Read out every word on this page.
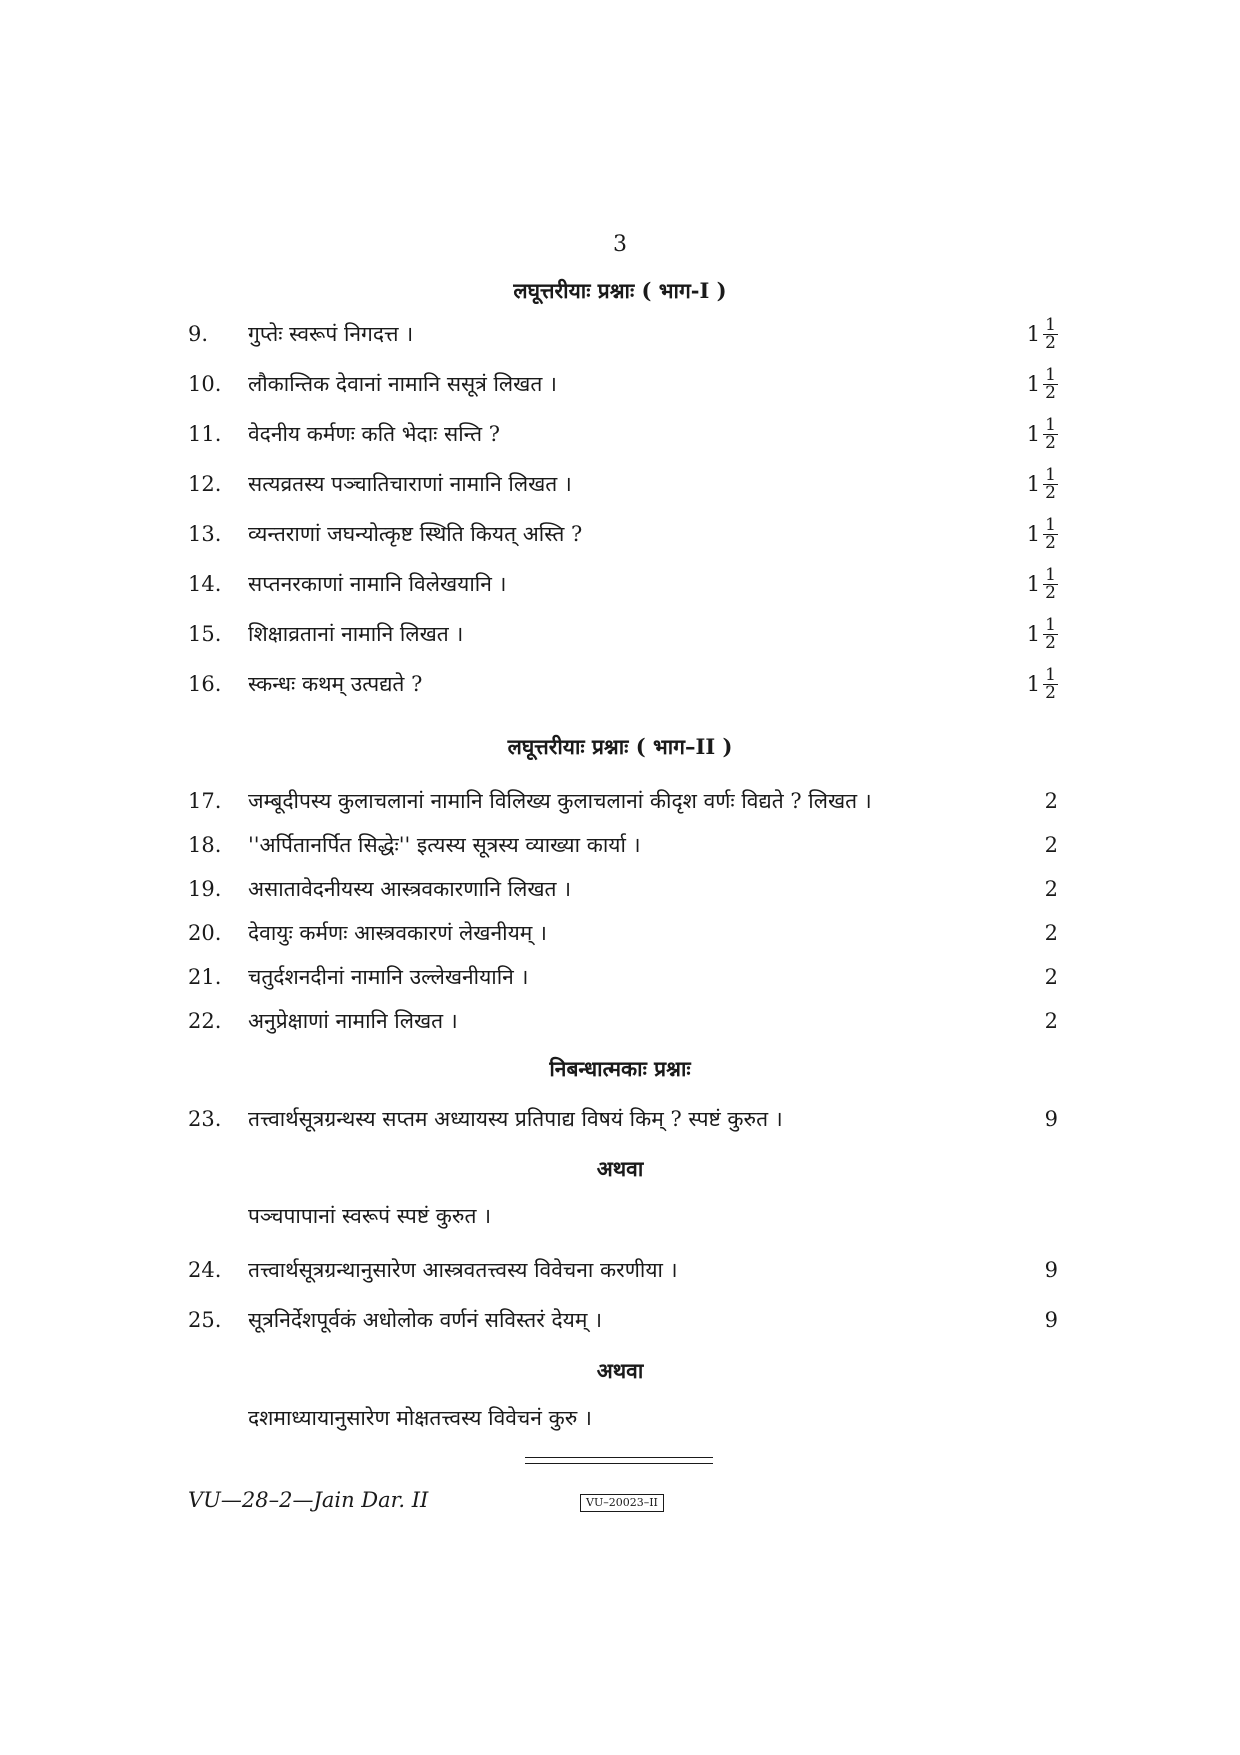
3
लघूत्तरीयाः प्रश्नाः ( भाग-I )
9.	गुप्तेः स्वरूपं निगदत्त ।	$1 \frac{1}{2}$
10.	लौकान्तिक देवानां नामानि ससूत्रं लिखत ।	$1 \frac{1}{2}$
11.	वेदनीय कर्मणः कति भेदाः सन्ति ?	$1 \frac{1}{2}$
12.	सत्यव्रतस्य पञ्चातिचाराणां नामानि लिखत ।	$1 \frac{1}{2}$
13.	व्यन्तराणां जघन्योत्कृष्ट स्थिति कियत् अस्ति ?	$1 \frac{1}{2}$
14.	सप्तनरकाणां नामानि विलेखयानि ।	$1 \frac{1}{2}$
15.	शिक्षाव्रतानां नामानि लिखत ।	$1 \frac{1}{2}$
16.	स्कन्धः कथम् उत्पद्यते ?	$1 \frac{1}{2}$
लघूत्तरीयाः प्रश्नाः ( भाग–II )
17.	जम्बूदीपस्य कुलाचलानां नामानि विलिख्य कुलाचलानां कीदृश वर्णः विद्यते ? लिखत ।	2
18.	''अर्पितानर्पित सिद्धेः'' इत्यस्य सूत्रस्य व्याख्या कार्या ।	2
19.	असातावेदनीयस्य आस्त्रवकारणानि लिखत ।	2
20.	देवायुः कर्मणः आस्त्रवकारणं लेखनीयम् ।	2
21.	चतुर्दशनदीनां नामानि उल्लेखनीयानि ।	2
22.	अनुप्रेक्षाणां नामानि लिखत ।	2
निबन्धात्मकाः प्रश्नाः
23.	तत्त्वार्थसूत्रग्रन्थस्य सप्तम अध्यायस्य प्रतिपाद्य विषयं किम् ? स्पष्टं कुरुत ।	9
अथवा
पञ्चपापानां स्वरूपं स्पष्टं कुरुत ।
24.	तत्त्वार्थसूत्रग्रन्थानुसारेण आस्त्रवतत्त्वस्य विवेचना करणीया ।	9
25.	सूत्रनिर्देशपूर्वकं अधोलोक वर्णनं सविस्तरं देयम् ।	9
अथवा
दशमाध्यायानुसारेण मोक्षतत्त्वस्य विवेचनं कुरु ।
VU—28–2—Jain Dar. II	VU–20023–II
